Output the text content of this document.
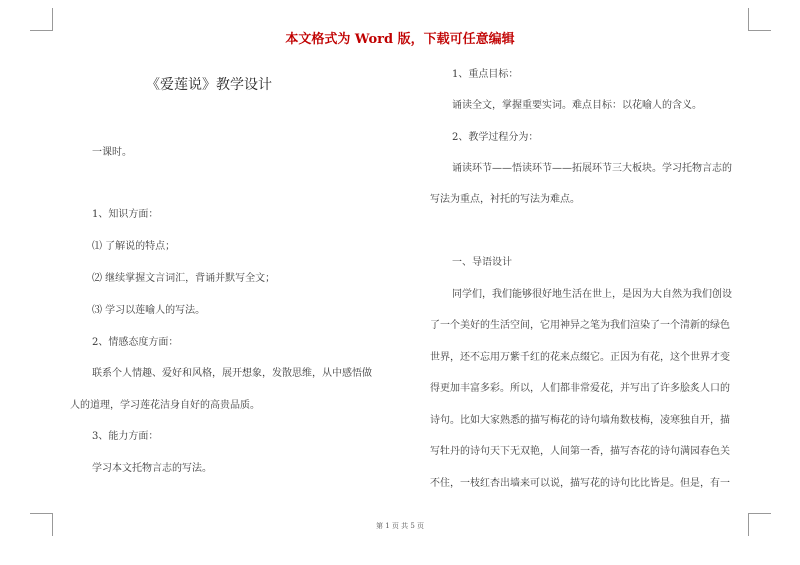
本文格式为 Word 版，下载可任意编辑
《爱莲说》教学设计
一课时。
1、知识方面：
⑴ 了解说的特点；
⑵ 继续掌握文言词汇，背诵并默写全文；
⑶ 学习以莲喻人的写法。
2、情感态度方面：
联系个人情趣、爱好和风格，展开想象，发散思维，从中感悟做
人的道理，学习莲花洁身自好的高贵品质。
3、能力方面：
学习本文托物言志的写法。
1、重点目标：
诵读全文，掌握重要实词。难点目标：以花喻人的含义。
2、教学过程分为：
诵读环节——悟读环节——拓展环节三大板块。学习托物言志的
写法为重点，衬托的写法为难点。
一、导语设计
同学们，我们能够很好地生活在世上，是因为大自然为我们创设
了一个美好的生活空间，它用神异之笔为我们渲染了一个清新的绿色
世界，还不忘用万紫千红的花来点缀它。正因为有花，这个世界才变
得更加丰富多彩。所以，人们都非常爱花，并写出了许多脍炙人口的
诗句。比如大家熟悉的描写梅花的诗句墙角数枝梅，凌寒独自开，描
写牡丹的诗句天下无双艳，人间第一香，描写杏花的诗句满园春色关
不住，一枝红杏出墙来可以说，描写花的诗句比比皆是。但是，有一
第 1 页 共 5 页
